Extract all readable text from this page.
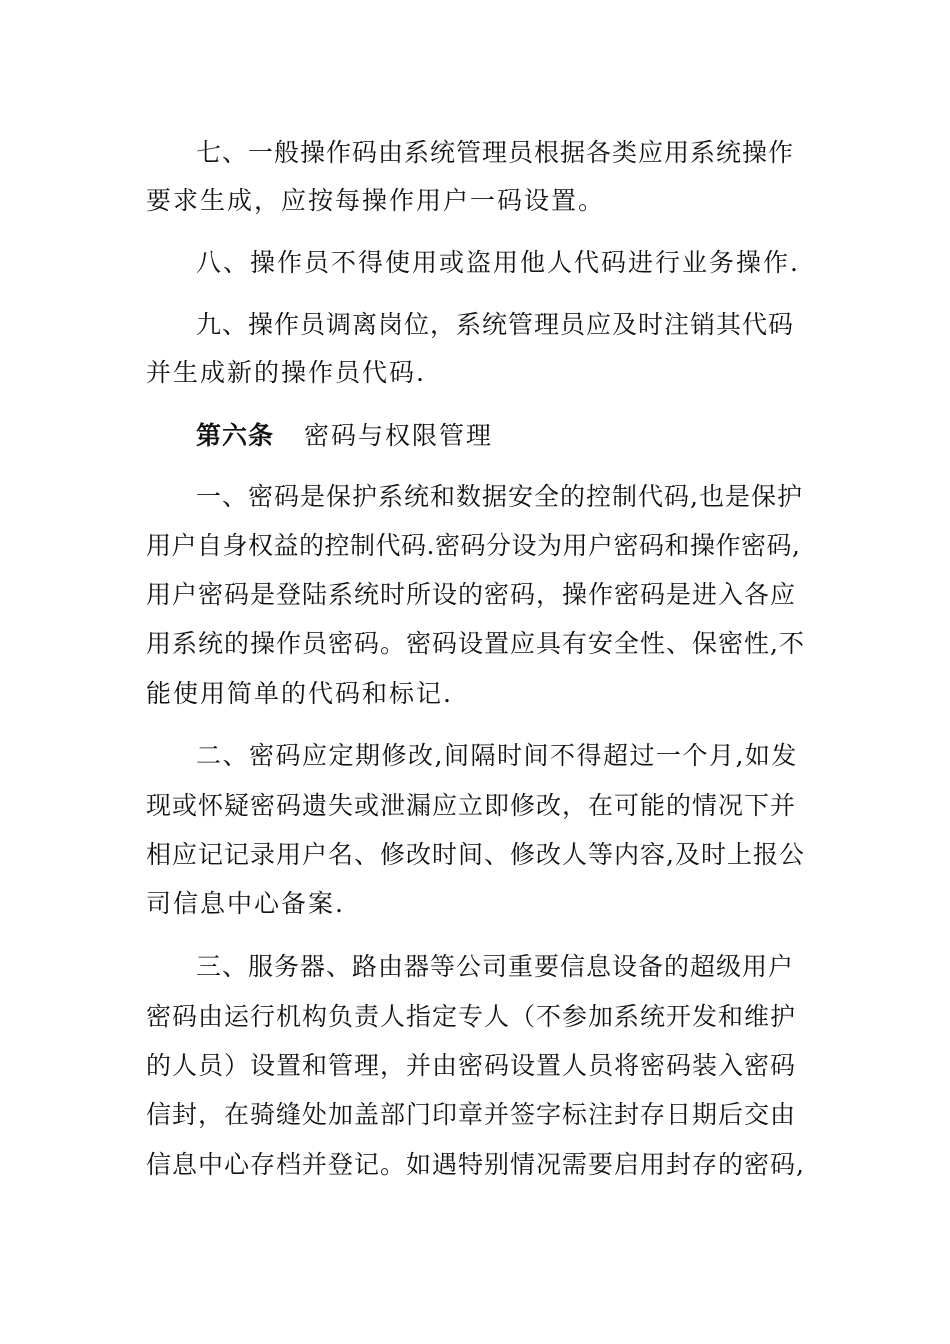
七、一般操作码由系统管理员根据各类应用系统操作
要求生成，应按每操作用户一码设置。
八、操作员不得使用或盗用他人代码进行业务操作.
九、操作员调离岗位，系统管理员应及时注销其代码
并生成新的操作员代码.
第六条 密码与权限管理
一、密码是保护系统和数据安全的控制代码,也是保护
用户自身权益的控制代码.密码分设为用户密码和操作密码,
用户密码是登陆系统时所设的密码，操作密码是进入各应
用系统的操作员密码。密码设置应具有安全性、保密性,不
能使用简单的代码和标记.
二、密码应定期修改,间隔时间不得超过一个月,如发
现或怀疑密码遗失或泄漏应立即修改，在可能的情况下并
相应记记录用户名、修改时间、修改人等内容,及时上报公
司信息中心备案.
三、服务器、路由器等公司重要信息设备的超级用户
密码由运行机构负责人指定专人（不参加系统开发和维护
的人员）设置和管理，并由密码设置人员将密码装入密码
信封，在骑缝处加盖部门印章并签字标注封存日期后交由
信息中心存档并登记。如遇特别情况需要启用封存的密码,
